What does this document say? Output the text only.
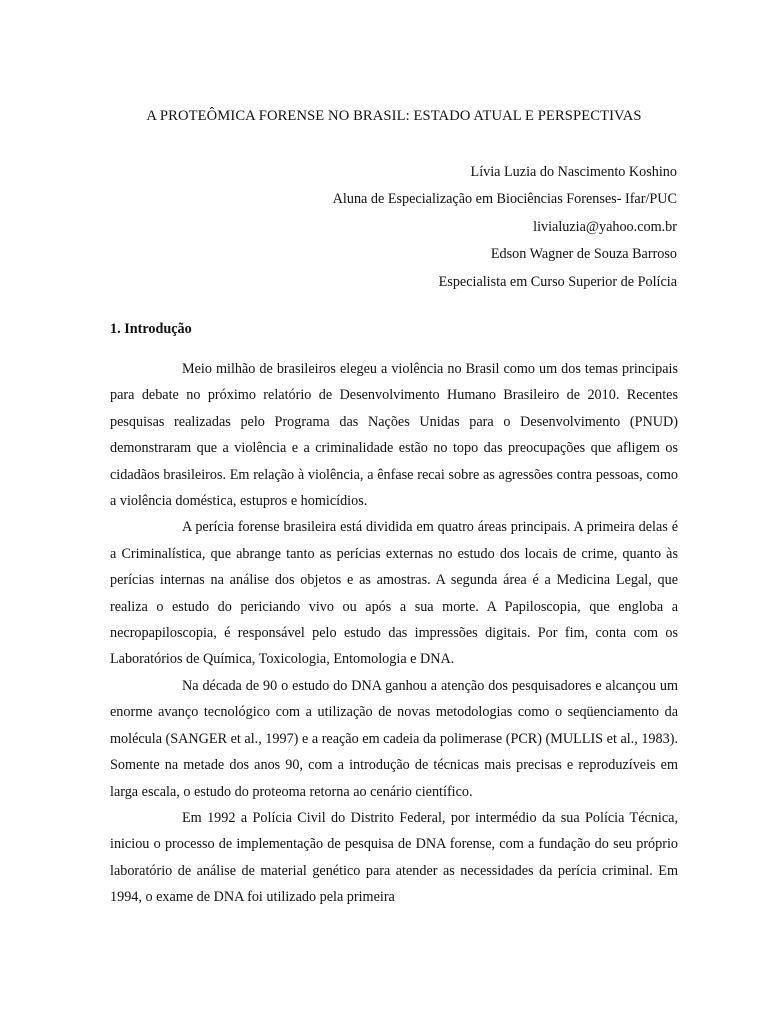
A PROTEÔMICA FORENSE NO BRASIL: ESTADO ATUAL E PERSPECTIVAS
Lívia Luzia do Nascimento Koshino
Aluna de Especialização em Biociências Forenses- Ifar/PUC
livialuzia@yahoo.com.br
Edson Wagner de Souza Barroso
Especialista em Curso Superior de Polícia
1. Introdução

Meio milhão de brasileiros elegeu a violência no Brasil como um dos temas principais para debate no próximo relatório de Desenvolvimento Humano Brasileiro de 2010. Recentes pesquisas realizadas pelo Programa das Nações Unidas para o Desenvolvimento (PNUD) demonstraram que a violência e a criminalidade estão no topo das preocupações que afligem os cidadãos brasileiros. Em relação à violência, a ênfase recai sobre as agressões contra pessoas, como a violência doméstica, estupros e homicídios.

A perícia forense brasileira está dividida em quatro áreas principais. A primeira delas é a Criminalística, que abrange tanto as perícias externas no estudo dos locais de crime, quanto às perícias internas na análise dos objetos e as amostras. A segunda área é a Medicina Legal, que realiza o estudo do periciando vivo ou após a sua morte. A Papiloscopia, que engloba a necropapiloscopia, é responsável pelo estudo das impressões digitais. Por fim, conta com os Laboratórios de Química, Toxicologia, Entomologia e DNA.

Na década de 90 o estudo do DNA ganhou a atenção dos pesquisadores e alcançou um enorme avanço tecnológico com a utilização de novas metodologias como o seqüenciamento da molécula (SANGER et al., 1997) e a reação em cadeia da polimerase (PCR) (MULLIS et al., 1983). Somente na metade dos anos 90, com a introdução de técnicas mais precisas e reproduzíveis em larga escala, o estudo do proteoma retorna ao cenário científico.

Em 1992 a Polícia Civil do Distrito Federal, por intermédio da sua Polícia Técnica, iniciou o processo de implementação de pesquisa de DNA forense, com a fundação do seu próprio laboratório de análise de material genético para atender as necessidades da perícia criminal. Em 1994, o exame de DNA foi utilizado pela primeira
